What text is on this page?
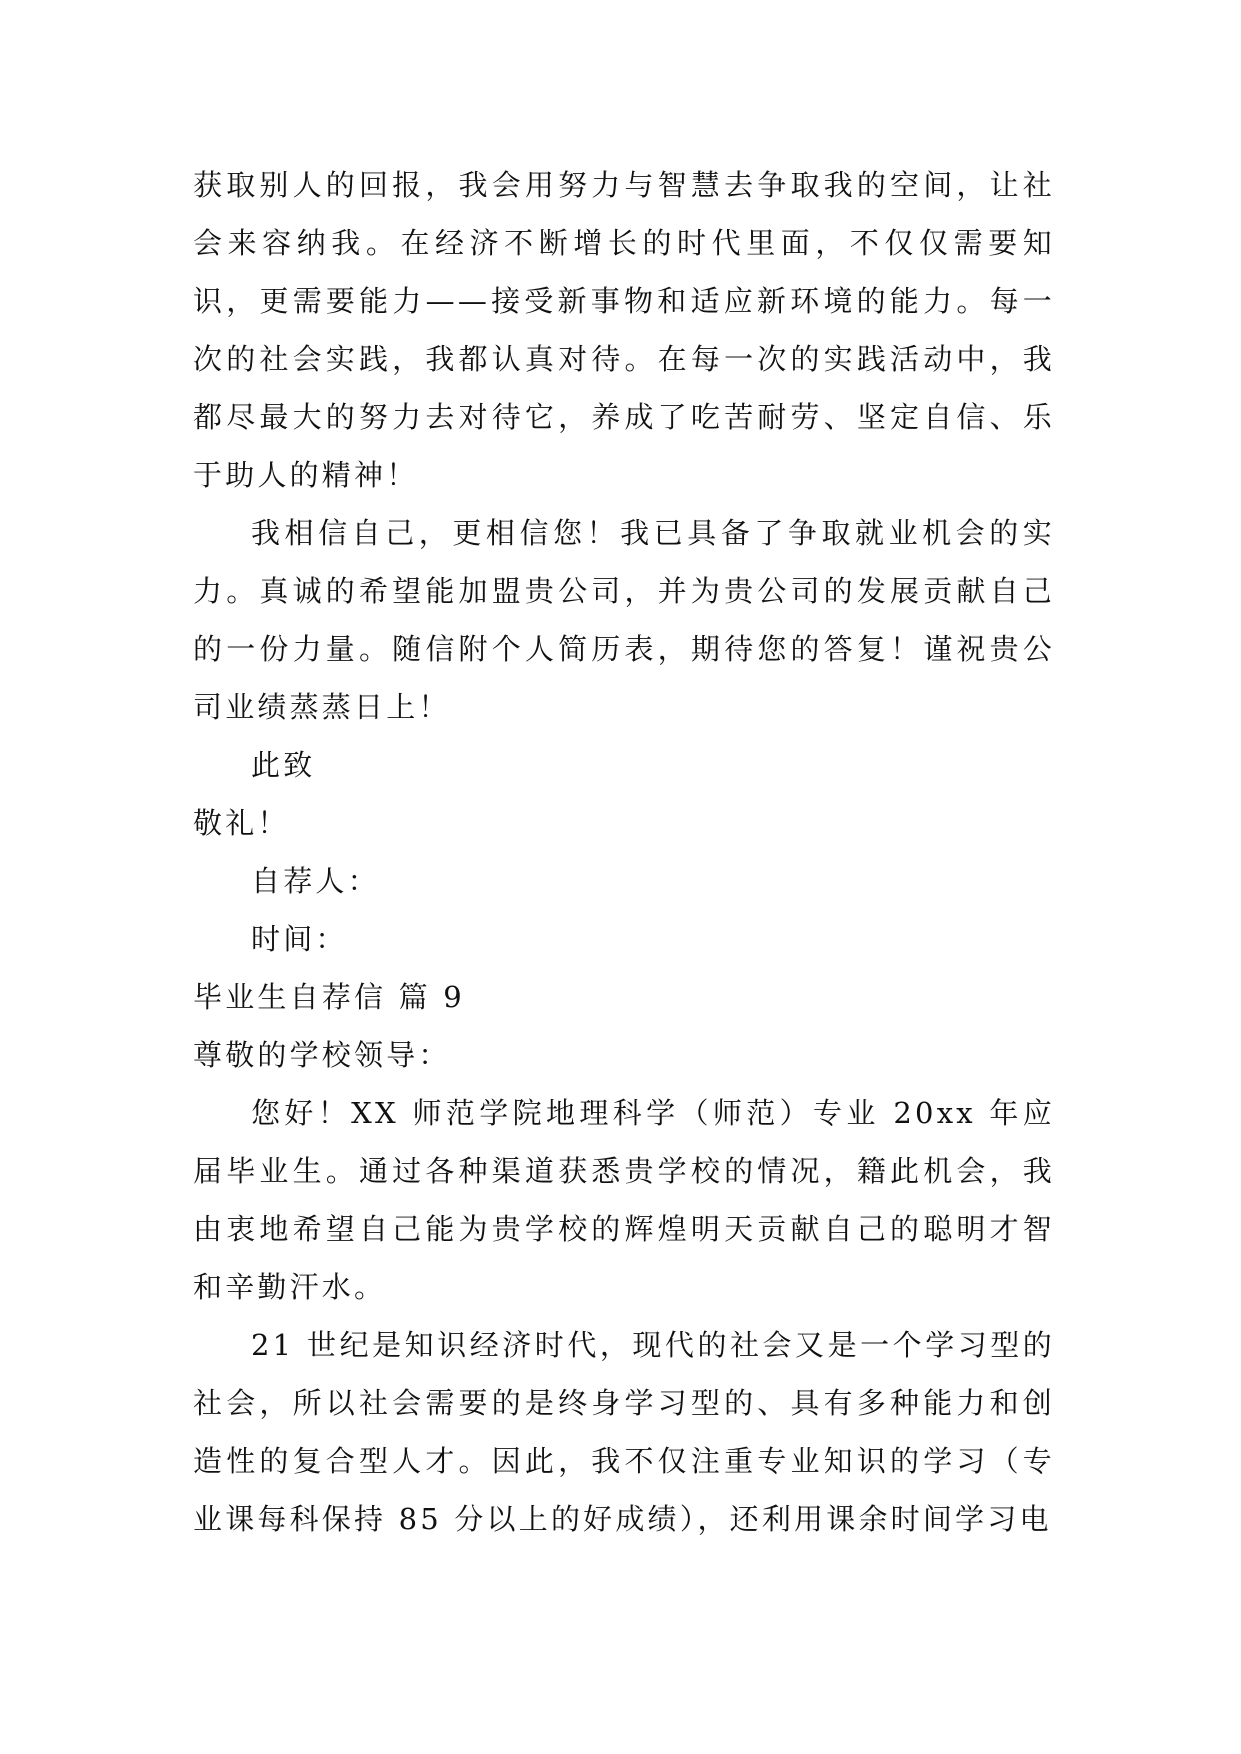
获取别人的回报，我会用努力与智慧去争取我的空间，让社会来容纳我。在经济不断增长的时代里面，不仅仅需要知识，更需要能力——接受新事物和适应新环境的能力。每一次的社会实践，我都认真对待。在每一次的实践活动中，我都尽最大的努力去对待它，养成了吃苦耐劳、坚定自信、乐于助人的精神！

我相信自己，更相信您！我已具备了争取就业机会的实力。真诚的希望能加盟贵公司，并为贵公司的发展贡献自己的一份力量。随信附个人简历表，期待您的答复！谨祝贵公司业绩蒸蒸日上！

此致

敬礼！

自荐人：

时间：

毕业生自荐信 篇 9

尊敬的学校领导：

您好！XX 师范学院地理科学（师范）专业 20xx 年应届毕业生。通过各种渠道获悉贵学校的情况，籍此机会，我由衷地希望自己能为贵学校的辉煌明天贡献自己的聪明才智和辛勤汗水。

21 世纪是知识经济时代，现代的社会又是一个学习型的社会，所以社会需要的是终身学习型的、具有多种能力和创造性的复合型人才。因此，我不仅注重专业知识的学习（专业课每科保持 85 分以上的好成绩），还利用课余时间学习电
